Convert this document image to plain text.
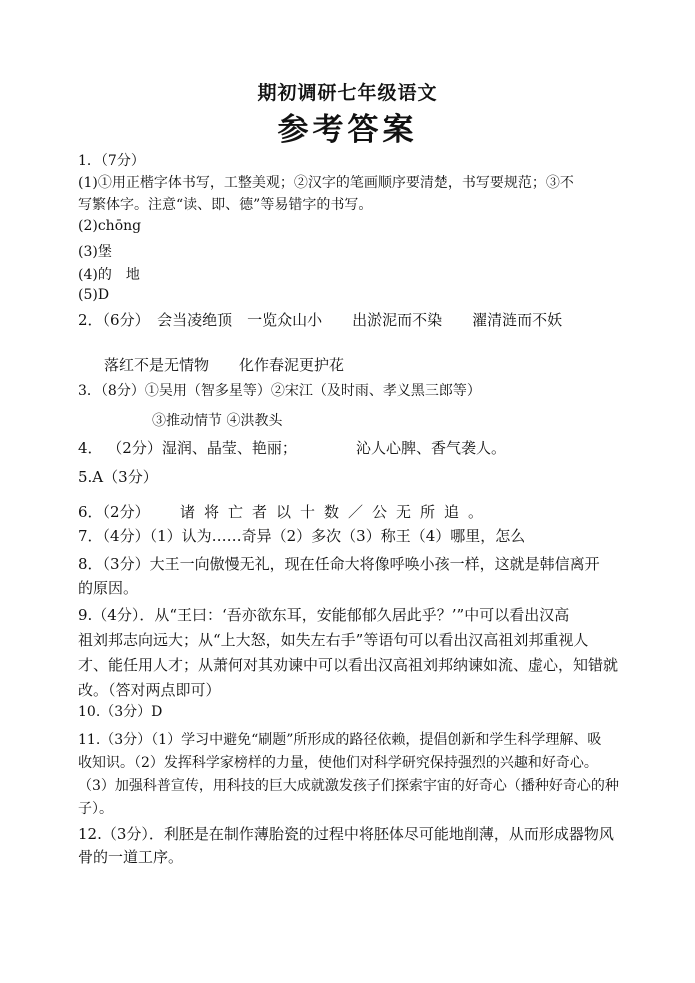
期初调研七年级语文
参考答案
1．（7分）
(1)①用正楷字体书写，工整美观；②汉字的笔画顺序要清楚，书写要规范；③不
写繁体字。注意“读、即、德”等易错字的书写。
(2)chōng
(3)堡
(4)的　地
(5)D
2．（6分）　会当凌绝顶　一览众山小　　出淤泥而不染　　濯清涟而不妖
落红不是无情物　　化作春泥更护花
3．（8分）①吴用（智多星等）②宋江（及时雨、孝义黑三郎等）
③推动情节 ④洪教头
4． （2分）湿润、晶莹、艳丽；	沁人心脾、香气袭人。
5.A（3分）
6．（2分） 诸将亡者以十数／公无所追。
7．（4分）（1）认为……奇异（2）多次（3）称王（4）哪里，怎么
8．（3分）大王一向傲慢无礼，现在任命大将像呼唤小孩一样，这就是韩信离开
的原因。
9.（4分）．从“王曰：‘吾亦欲东耳，安能郁郁久居此乎？’”中可以看出汉高
祖刘邦志向远大；从“上大怒，如失左右手”等语句可以看出汉高祖刘邦重视人
才、能任用人才；从萧何对其劝谏中可以看出汉高祖刘邦纳谏如流、虚心，知错就
改。（答对两点即可）
10.（3分）D
11.（3分）（1）学习中避免“刷题”所形成的路径依赖，提倡创新和学生科学理解、吸
收知识。（2）发挥科学家榜样的力量，使他们对科学研究保持强烈的兴趣和好奇心。
（3）加强科普宣传，用科技的巨大成就激发孩子们探索宇宙的好奇心（播种好奇心的种
子）。
12.（3分）．利胚是在制作薄胎瓷的过程中将胚体尽可能地削薄，从而形成器物风
骨的一道工序。
